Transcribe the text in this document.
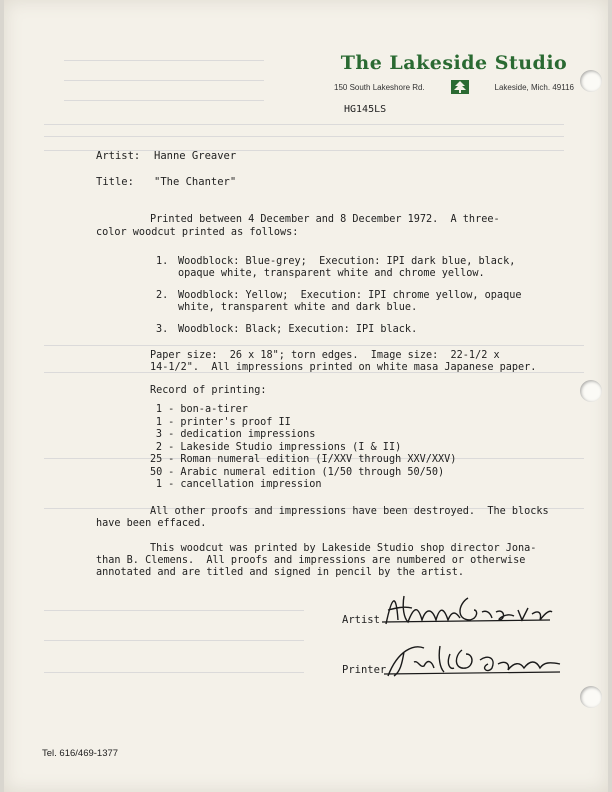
The Lakeside Studio
150 South Lakeshore Rd.	Lakeside, Mich. 49116
HG145LS
Artist: Hanne Greaver
Title: "The Chanter"
Printed between 4 December and 8 December 1972.  A three-
color woodcut printed as follows:
1. Woodblock: Blue-grey;  Execution: IPI dark blue, black,
opaque white, transparent white and chrome yellow.
2. Woodblock: Yellow;  Execution: IPI chrome yellow, opaque
white, transparent white and dark blue.
3. Woodblock: Black; Execution: IPI black.
Paper size:  26 x 18"; torn edges.  Image size:  22-1/2 x
14-1/2".  All impressions printed on white masa Japanese paper.
Record of printing:
1 - bon-a-tirer
1 - printer's proof II
3 - dedication impressions
2 - Lakeside Studio impressions (I & II)
25 - Roman numeral edition (I/XXV through XXV/XXV)
50 - Arabic numeral edition (1/50 through 50/50)
1 - cancellation impression
All other proofs and impressions have been destroyed.  The blocks
have been effaced.
This woodcut was printed by Lakeside Studio shop director Jona-
than B. Clemens.  All proofs and impressions are numbered or otherwise
annotated and are titled and signed in pencil by the artist.
Artist
Printer
Tel. 616/469-1377
